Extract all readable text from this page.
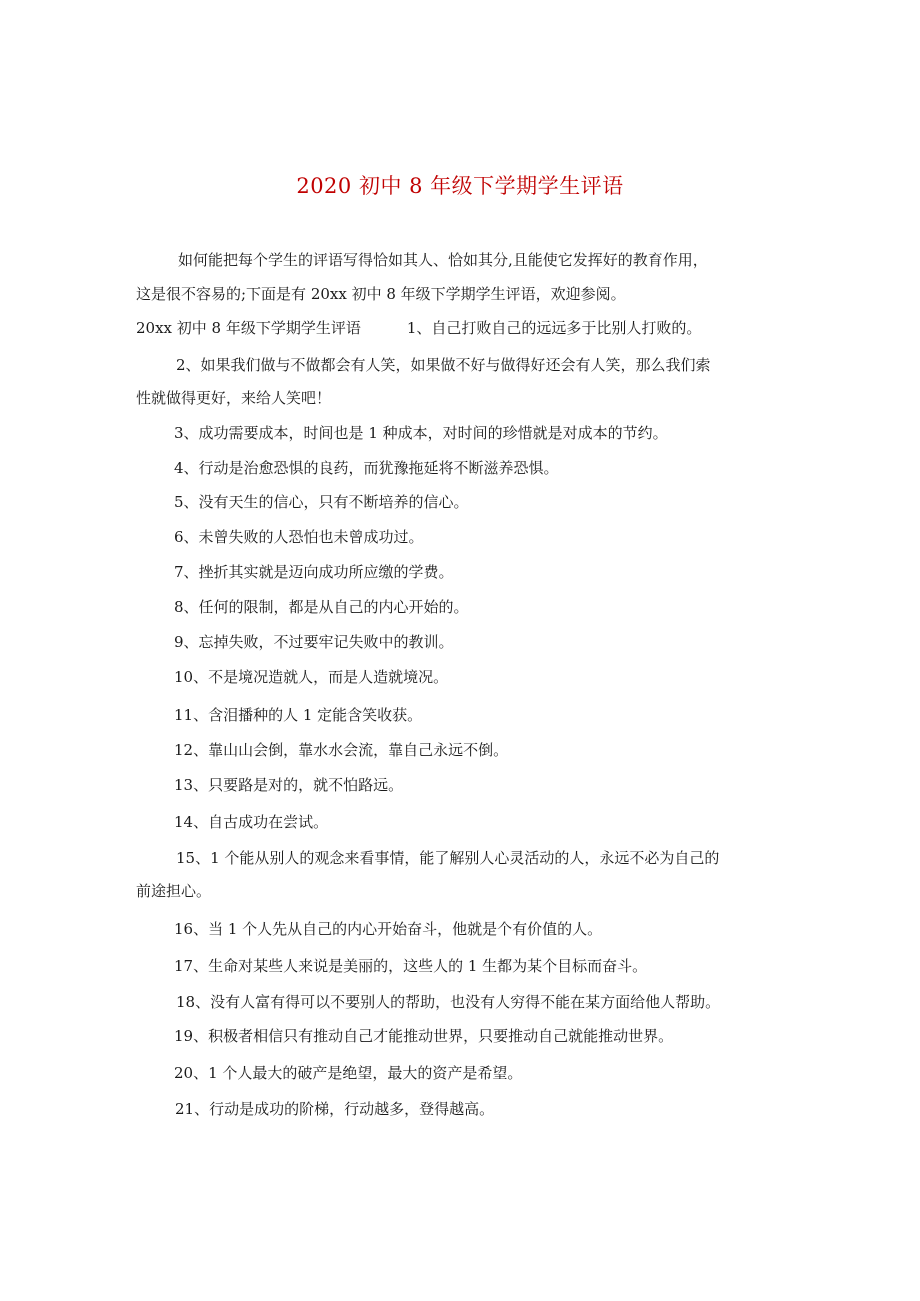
2020 初中 8 年级下学期学生评语
如何能把每个学生的评语写得恰如其人、恰如其分,且能使它发挥好的教育作用，
这是很不容易的;下面是有 20xx 初中 8 年级下学期学生评语，欢迎参阅。
20xx 初中 8 年级下学期学生评语	1、自己打败自己的远远多于比别人打败的。
2、如果我们做与不做都会有人笑，如果做不好与做得好还会有人笑，那么我们索
性就做得更好，来给人笑吧！
3、成功需要成本，时间也是 1 种成本，对时间的珍惜就是对成本的节约。
4、行动是治愈恐惧的良药，而犹豫拖延将不断滋养恐惧。
5、没有天生的信心，只有不断培养的信心。
6、未曾失败的人恐怕也未曾成功过。
7、挫折其实就是迈向成功所应缴的学费。
8、任何的限制，都是从自己的内心开始的。
9、忘掉失败，不过要牢记失败中的教训。
10、不是境况造就人，而是人造就境况。
11、含泪播种的人 1 定能含笑收获。
12、靠山山会倒，靠水水会流，靠自己永远不倒。
13、只要路是对的，就不怕路远。
14、自古成功在尝试。
15、1 个能从别人的观念来看事情，能了解别人心灵活动的人，永远不必为自己的
前途担心。
16、当 1 个人先从自己的内心开始奋斗，他就是个有价值的人。
17、生命对某些人来说是美丽的，这些人的 1 生都为某个目标而奋斗。
18、没有人富有得可以不要别人的帮助，也没有人穷得不能在某方面给他人帮助。
19、积极者相信只有推动自己才能推动世界，只要推动自己就能推动世界。
20、1 个人最大的破产是绝望，最大的资产是希望。
21、行动是成功的阶梯，行动越多，登得越高。
